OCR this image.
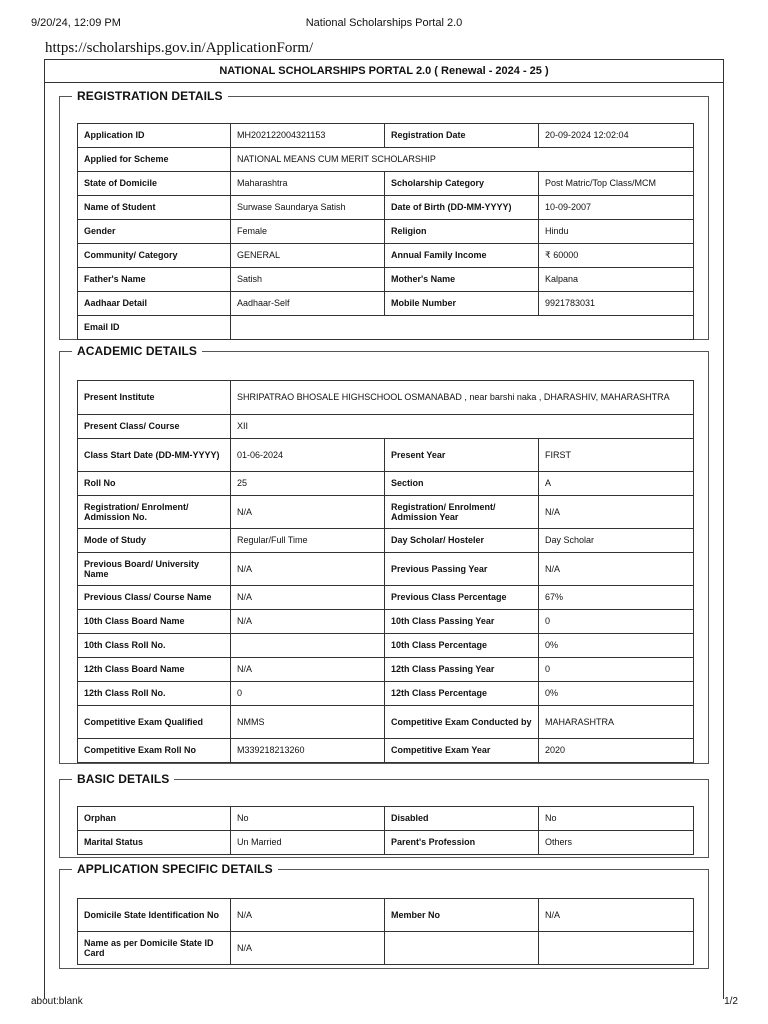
9/20/24, 12:09 PM	National Scholarships Portal 2.0
https://scholarships.gov.in/ApplicationForm/
NATIONAL SCHOLARSHIPS PORTAL 2.0 ( Renewal - 2024 - 25 )
REGISTRATION DETAILS
Application ID	MH202122004321153	Registration Date	20-09-2024 12:02:04
Applied for Scheme	NATIONAL MEANS CUM MERIT SCHOLARSHIP		
State of Domicile	Maharashtra	Scholarship Category	Post Matric/Top Class/MCM
Name of Student	Surwase Saundarya Satish	Date of Birth (DD-MM-YYYY)	10-09-2007
Gender	Female	Religion	Hindu
Community/ Category	GENERAL	Annual Family Income	₹ 60000
Father's Name	Satish	Mother's Name	Kalpana
Aadhaar Detail	Aadhaar-Self	Mobile Number	9921783031
Email ID			
ACADEMIC DETAILS
Present Institute	SHRIPATRAO BHOSALE HIGHSCHOOL OSMANABAD , near barshi naka , DHARASHIV, MAHARASHTRA		
Present Class/ Course	XII		
Class Start Date (DD-MM-YYYY)	01-06-2024	Present Year	FIRST
Roll No	25	Section	A
Registration/ Enrolment/ Admission No.	N/A	Registration/ Enrolment/ Admission Year	N/A
Mode of Study	Regular/Full Time	Day Scholar/ Hosteler	Day Scholar
Previous Board/ University Name	N/A	Previous Passing Year	N/A
Previous Class/ Course Name	N/A	Previous Class Percentage	67%
10th Class Board Name	N/A	10th Class Passing Year	0
10th Class Roll No.		10th Class Percentage	0%
12th Class Board Name	N/A	12th Class Passing Year	0
12th Class Roll No.	0	12th Class Percentage	0%
Competitive Exam Qualified	NMMS	Competitive Exam Conducted by	MAHARASHTRA
Competitive Exam Roll No	M339218213260	Competitive Exam Year	2020
BASIC DETAILS
Orphan	No	Disabled	No
Marital Status	Un Married	Parent's Profession	Others
APPLICATION SPECIFIC DETAILS
Domicile State Identification No	N/A	Member No	N/A
Name as per Domicile State ID Card	N/A		
about:blank	1/2
